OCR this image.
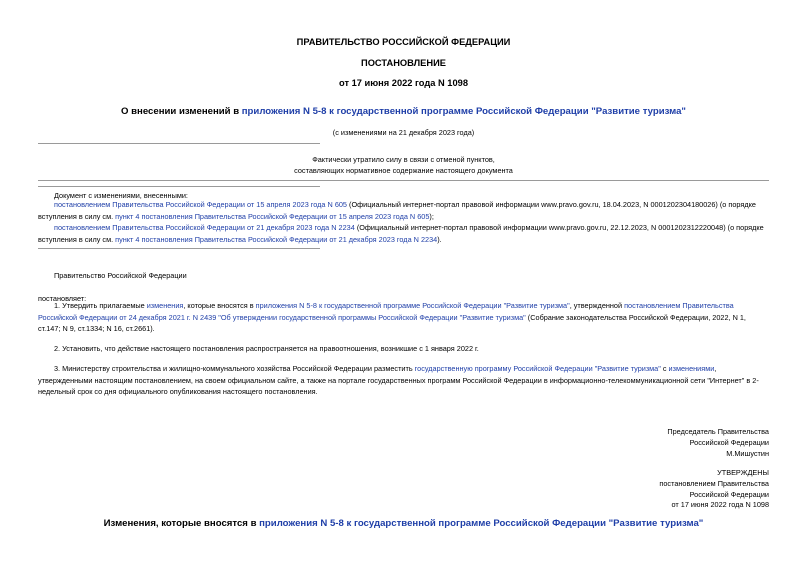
ПРАВИТЕЛЬСТВО РОССИЙСКОЙ ФЕДЕРАЦИИ
ПОСТАНОВЛЕНИЕ
от 17 июня 2022 года N 1098
О внесении изменений в приложения N 5-8 к государственной программе Российской Федерации "Развитие туризма"
(с изменениями на 21 декабря 2023 года)
Фактически утратило силу в связи с отменой пунктов,
составляющих нормативное содержание настоящего документа
Документ с изменениями, внесенными:
постановлением Правительства Российской Федерации от 15 апреля 2023 года N 605 (Официальный интернет-портал правовой информации www.pravo.gov.ru, 18.04.2023, N 0001202304180026) (о порядке вступления в силу см. пункт 4 постановления Правительства Российской Федерации от 15 апреля 2023 года N 605);
постановлением Правительства Российской Федерации от 21 декабря 2023 года N 2234 (Официальный интернет-портал правовой информации www.pravo.gov.ru, 22.12.2023, N 0001202312220048) (о порядке вступления в силу см. пункт 4 постановления Правительства Российской Федерации от 21 декабря 2023 года N 2234).
Правительство Российской Федерации
постановляет:
1. Утвердить прилагаемые изменения, которые вносятся в приложения N 5-8 к государственной программе Российской Федерации "Развитие туризма", утвержденной постановлением Правительства Российской Федерации от 24 декабря 2021 г. N 2439 "Об утверждении государственной программы Российской Федерации "Развитие туризма" (Собрание законодательства Российской Федерации, 2022, N 1, ст.147; N 9, ст.1334; N 16, ст.2661).
2. Установить, что действие настоящего постановления распространяется на правоотношения, возникшие с 1 января 2022 г.
3. Министерству строительства и жилищно-коммунального хозяйства Российской Федерации разместить государственную программу Российской Федерации "Развитие туризма" с изменениями, утвержденными настоящим постановлением, на своем официальном сайте, а также на портале государственных программ Российской Федерации в информационно-телекоммуникационной сети "Интернет" в 2-недельный срок со дня официального опубликования настоящего постановления.
Председатель Правительства
Российской Федерации
М.Мишустин
УТВЕРЖДЕНЫ
постановлением Правительства
Российской Федерации
от 17 июня 2022 года N 1098
Изменения, которые вносятся в приложения N 5-8 к государственной программе Российской Федерации "Развитие туризма"
